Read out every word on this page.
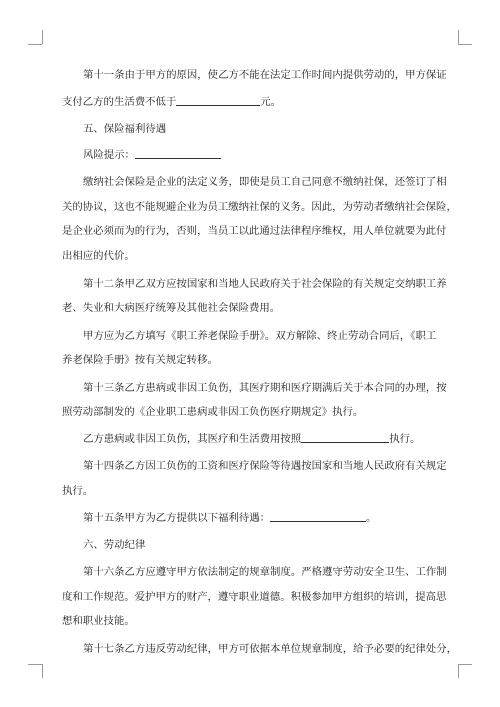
第十一条由于甲方的原因，使乙方不能在法定工作时间内提供劳动的，甲方保证
支付乙方的生活费不低于	元。
五、保险福利待遇
风险提示：
缴纳社会保险是企业的法定义务，即使是员工自己同意不缴纳社保，还签订了相
关的协议，这也不能规避企业为员工缴纳社保的义务。因此，为劳动者缴纳社会保险，
是企业必须而为的行为，否则，当员工以此通过法律程序维权，用人单位就要为此付
出相应的代价。
第十二条甲乙双方应按国家和当地人民政府关于社会保险的有关规定交纳职工养
老、失业和大病医疗统筹及其他社会保险费用。
甲方应为乙方填写《职工养老保险手册》。双方解除、终止劳动合同后，《职工
养老保险手册》按有关规定转移。
第十三条乙方患病或非因工负伤，其医疗期和医疗期满后关于本合同的办理，按
照劳动部制发的《企业职工患病或非因工负伤医疗期规定》执行。
乙方患病或非因工负伤，其医疗和生活费用按照	执行。
第十四条乙方因工负伤的工资和医疗保险等待遇按国家和当地人民政府有关规定
执行。
第十五条甲方为乙方提供以下福利待遇：	。
六、劳动纪律
第十六条乙方应遵守甲方依法制定的规章制度。严格遵守劳动安全卫生、工作制
度和工作规范。爱护甲方的财产，遵守职业道德。积极参加甲方组织的培训，提高思
想和职业技能。
第十七条乙方违反劳动纪律，甲方可依据本单位规章制度，给予必要的纪律处分，
